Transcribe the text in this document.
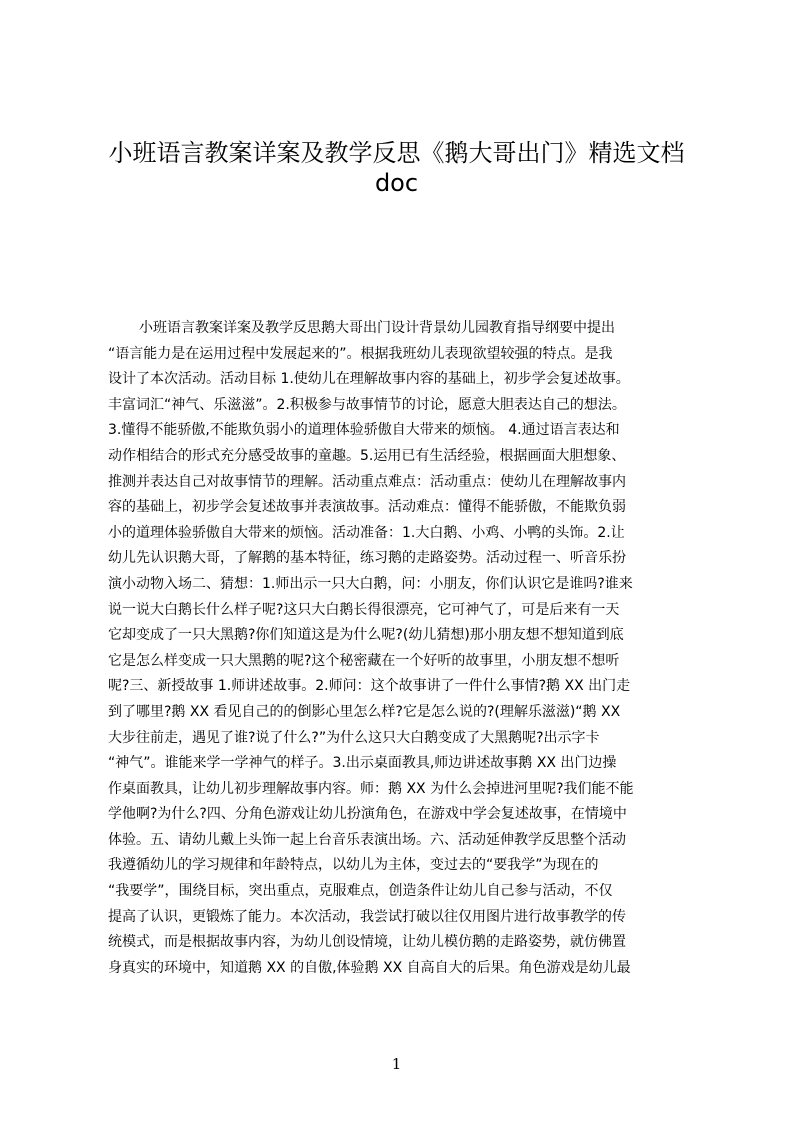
小班语言教案详案及教学反思《鹅大哥出门》精选文档
doc
小班语言教案详案及教学反思鹅大哥出门设计背景幼儿园教育指导纲要中提出
“语言能力是在运用过程中发展起来的”。根据我班幼儿表现欲望较强的特点。是我
设计了本次活动。活动目标 1.使幼儿在理解故事内容的基础上，初步学会复述故事。
丰富词汇“神气、乐滋滋”。2.积极参与故事情节的讨论，愿意大胆表达自己的想法。
3.懂得不能骄傲,不能欺负弱小的道理体验骄傲自大带来的烦恼。 4.通过语言表达和
动作相结合的形式充分感受故事的童趣。5.运用已有生活经验，根据画面大胆想象、
推测并表达自己对故事情节的理解。活动重点难点：活动重点：使幼儿在理解故事内
容的基础上，初步学会复述故事并表演故事。活动难点：懂得不能骄傲，不能欺负弱
小的道理体验骄傲自大带来的烦恼。活动准备：1.大白鹅、小鸡、小鸭的头饰。2.让
幼儿先认识鹅大哥，了解鹅的基本特征，练习鹅的走路姿势。活动过程一、听音乐扮
演小动物入场二、猜想：1.师出示一只大白鹅，问：小朋友，你们认识它是谁吗?谁来
说一说大白鹅长什么样子呢?这只大白鹅长得很漂亮，它可神气了，可是后来有一天
它却变成了一只大黑鹅?你们知道这是为什么呢?(幼儿猜想)那小朋友想不想知道到底
它是怎么样变成一只大黑鹅的呢?这个秘密藏在一个好听的故事里，小朋友想不想听
呢?三、新授故事 1.师讲述故事。2.师问：这个故事讲了一件什么事情?鹅 XX 出门走
到了哪里?鹅 XX 看见自己的的倒影心里怎么样?它是怎么说的?(理解乐滋滋)“鹅 XX
大步往前走，遇见了谁?说了什么?”为什么这只大白鹅变成了大黑鹅呢?出示字卡
“神气”。谁能来学一学神气的样子。3.出示桌面教具,师边讲述故事鹅 XX 出门边操
作桌面教具，让幼儿初步理解故事内容。师：鹅 XX 为什么会掉进河里呢?我们能不能
学他啊?为什么?四、分角色游戏让幼儿扮演角色，在游戏中学会复述故事，在情境中
体验。五、请幼儿戴上头饰一起上台音乐表演出场。六、活动延伸教学反思整个活动
我遵循幼儿的学习规律和年龄特点，以幼儿为主体，变过去的“要我学”为现在的
“我要学”，围绕目标，突出重点，克服难点，创造条件让幼儿自己参与活动，不仅
提高了认识，更锻炼了能力。本次活动，我尝试打破以往仅用图片进行故事教学的传
统模式，而是根据故事内容，为幼儿创设情境，让幼儿模仿鹅的走路姿势，就仿佛置
身真实的环境中，知道鹅 XX 的自傲,体验鹅 XX 自高自大的后果。角色游戏是幼儿最
1
